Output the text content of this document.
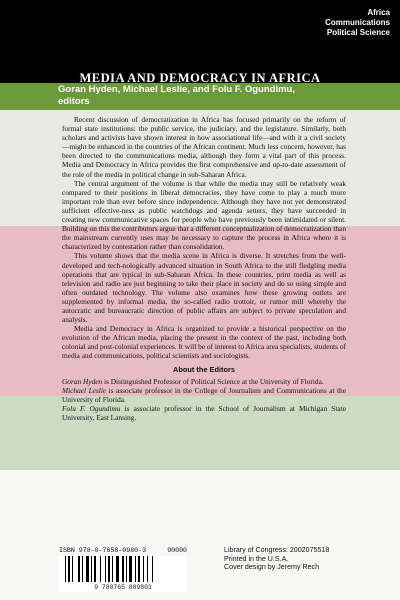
Africa
Communications
Political Science
MEDIA AND DEMOCRACY IN AFRICA
Goran Hyden, Michael Leslie, and Folu F. Ogundimu,
editors

Recent discussion of democratization in Africa has focused primarily on the reform of formal state institutions: the public service, the judiciary, and the legislature. Similarly, both scholars and activists have shown interest in how associational life—and with it a civil society—might be enhanced in the countries of the African continent. Much less concern, however, has been directed to the communications media, although they form a vital part of this process. Media and Democracy in Africa provides the first comprehensive and up-to-date assessment of the role of the media in political change in sub-Saharan Africa.

The central argument of the volume is that while the media may still be relatively weak compared to their positions in liberal democracies, they have come to play a much more important role than ever before since independence. Although they have not yet demonstrated sufficient effective-ness as public watchdogs and agenda setters, they have succeeded in creating new communicative spaces for people who have previously been intimidated or silent. Building on this the contributors argue that a different conceptualization of democratization than the mainstream currently uses may be necessary to capture the process in Africa where it is characterized by contestation rather than consolidation.

This volume shows that the media scene in Africa is diverse. It stretches from the well-developed and tech-nologically advanced situation in South Africa to the still fledgling media operations that are typical in sub-Saharan Africa. In these countries, print media as well as television and radio are just beginning to take their place in society and do so using simple and often outdated technology. The volume also examines how these growing outlets are supplemented by informal media, the so-called radio trottoir, or rumor mill whereby the autocratic and bureaucratic direction of public affairs are subject to private speculation and analysis.

Media and Democracy in Africa is organized to provide a historical perspective on the evolution of the African media, placing the present in the context of the past, including both colonial and post-colonial experiences. It will be of interest to Africa area specialists, students of media and communications, political scientists and sociologists.

About the Editors

Goran Hyden is Distinguished Professor of Political Science at the University of Florida.

Michael Leslie is associate professor in the College of Journalism and Communications at the University of Florida.

Folu F. Ogundimu is associate professor in the School of Journalism at Michigan State University, East Lansing.

ISBN 978-0-7658-0980-3	90000
9 780765 809803
Library of Congress: 2002075518
Printed in the U.S.A.
Cover design by Jeremy Rech
